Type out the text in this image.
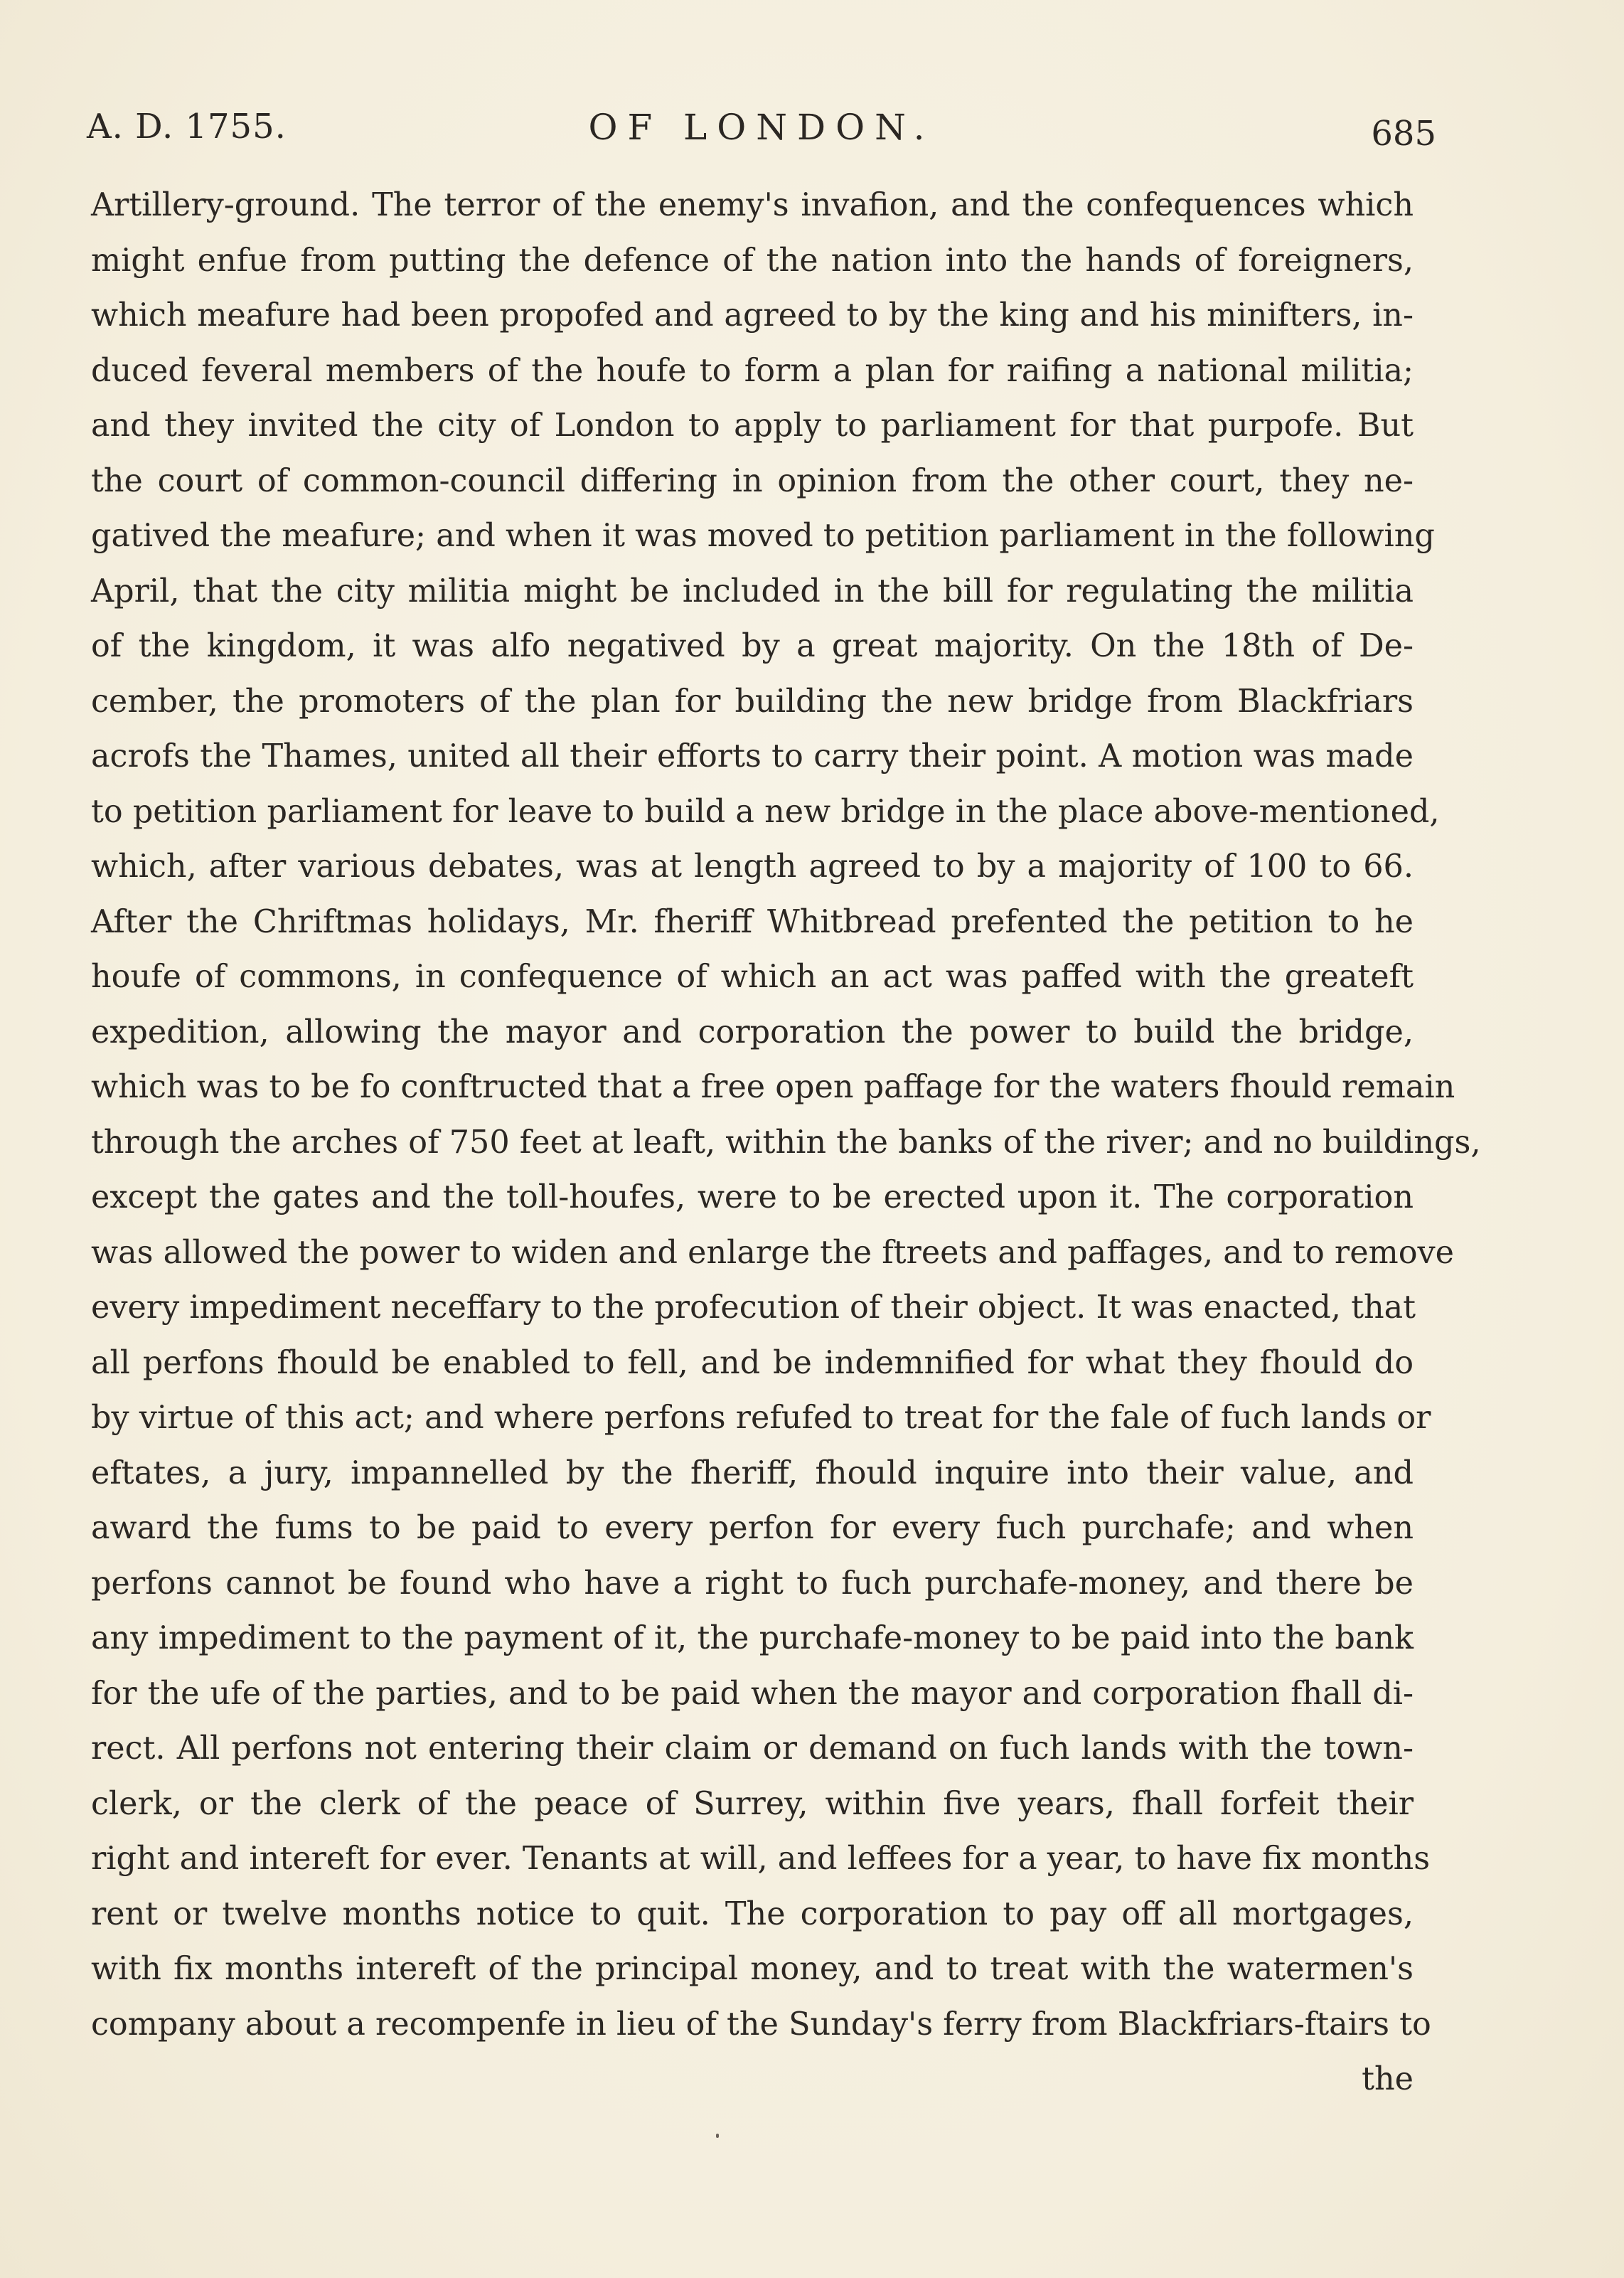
A. D. 1755.	OF LONDON.	685
Artillery-ground. The terror of the enemy's invafion, and the confequences which
might enfue from putting the defence of the nation into the hands of foreigners,
which meafure had been propofed and agreed to by the king and his minifters, in-
duced feveral members of the houfe to form a plan for raifing a national militia;
and they invited the city of London to apply to parliament for that purpofe. But
the court of common-council differing in opinion from the other court, they ne-
gatived the meafure; and when it was moved to petition parliament in the following
April, that the city militia might be included in the bill for regulating the militia
of the kingdom, it was alfo negatived by a great majority. On the 18th of De-
cember, the promoters of the plan for building the new bridge from Blackfriars
acrofs the Thames, united all their efforts to carry their point. A motion was made
to petition parliament for leave to build a new bridge in the place above-mentioned,
which, after various debates, was at length agreed to by a majority of 100 to 66.
After the Chriftmas holidays, Mr. fheriff Whitbread prefented the petition to he
houfe of commons, in confequence of which an act was paffed with the greateft
expedition, allowing the mayor and corporation the power to build the bridge,
which was to be fo conftructed that a free open paffage for the waters fhould remain
through the arches of 750 feet at leaft, within the banks of the river; and no buildings,
except the gates and the toll-houfes, were to be erected upon it. The corporation
was allowed the power to widen and enlarge the ftreets and paffages, and to remove
every impediment neceffary to the profecution of their object. It was enacted, that
all perfons fhould be enabled to fell, and be indemnified for what they fhould do
by virtue of this act; and where perfons refufed to treat for the fale of fuch lands or
eftates, a jury, impannelled by the fheriff, fhould inquire into their value, and
award the fums to be paid to every perfon for every fuch purchafe; and when
perfons cannot be found who have a right to fuch purchafe-money, and there be
any impediment to the payment of it, the purchafe-money to be paid into the bank
for the ufe of the parties, and to be paid when the mayor and corporation fhall di-
rect. All perfons not entering their claim or demand on fuch lands with the town-
clerk, or the clerk of the peace of Surrey, within five years, fhall forfeit their
right and intereft for ever. Tenants at will, and leffees for a year, to have fix months
rent or twelve months notice to quit. The corporation to pay off all mortgages,
with fix months intereft of the principal money, and to treat with the watermen's
company about a recompenfe in lieu of the Sunday's ferry from Blackfriars-ftairs to
the
